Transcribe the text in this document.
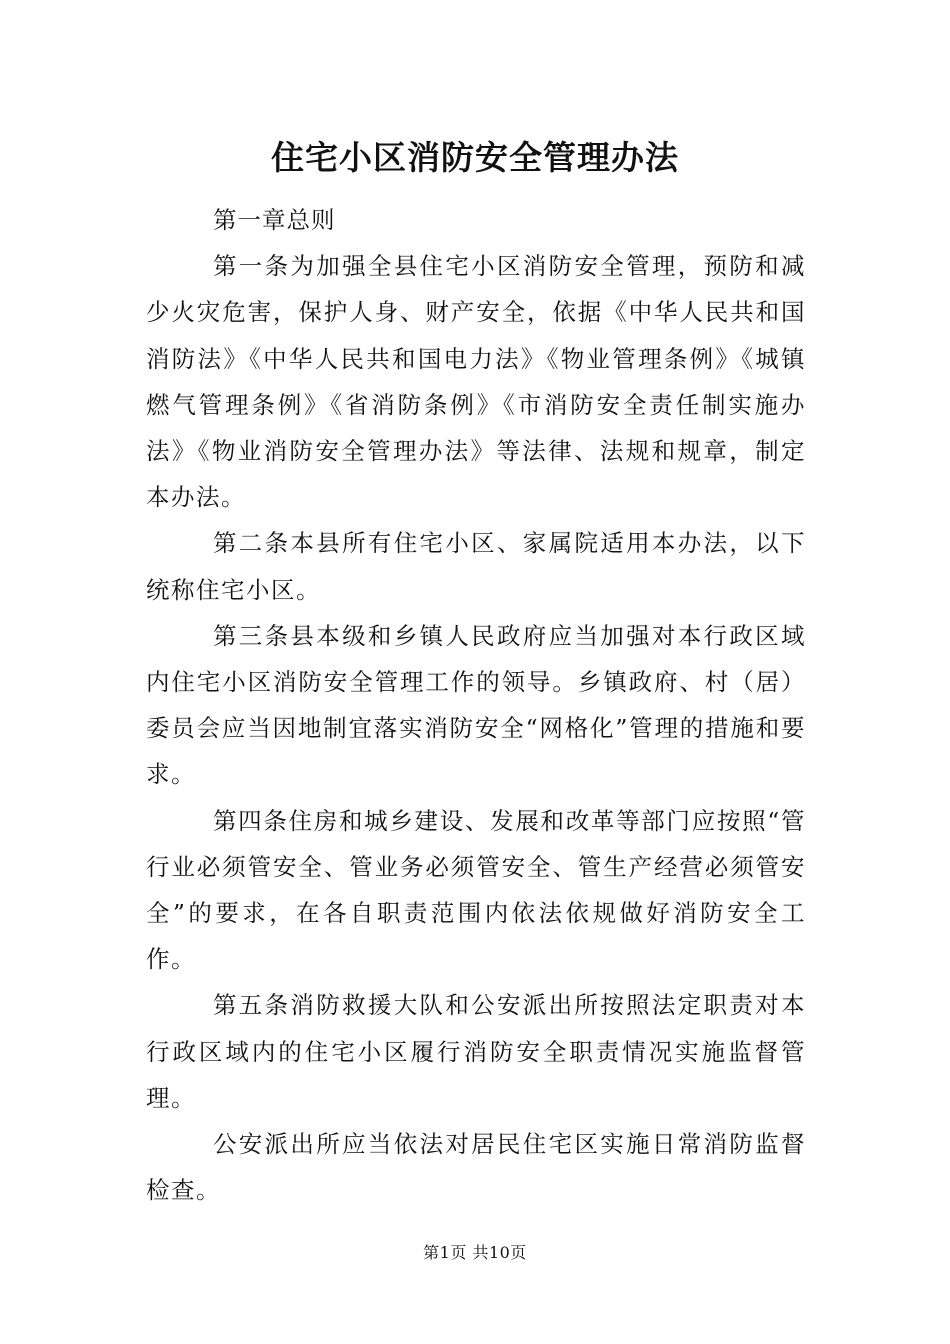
住宅小区消防安全管理办法

第一章总则

第一条为加强全县住宅小区消防安全管理，预防和减少火灾危害，保护人身、财产安全，依据《中华人民共和国消防法》《中华人民共和国电力法》《物业管理条例》《城镇燃气管理条例》《省消防条例》《市消防安全责任制实施办法》《物业消防安全管理办法》等法律、法规和规章，制定本办法。

第二条本县所有住宅小区、家属院适用本办法，以下统称住宅小区。

第三条县本级和乡镇人民政府应当加强对本行政区域内住宅小区消防安全管理工作的领导。乡镇政府、村（居）委员会应当因地制宜落实消防安全“网格化”管理的措施和要求。

第四条住房和城乡建设、发展和改革等部门应按照“管行业必须管安全、管业务必须管安全、管生产经营必须管安全”的要求，在各自职责范围内依法依规做好消防安全工作。

第五条消防救援大队和公安派出所按照法定职责对本行政区域内的住宅小区履行消防安全职责情况实施监督管理。

公安派出所应当依法对居民住宅区实施日常消防监督检查。

第1页 共10页
